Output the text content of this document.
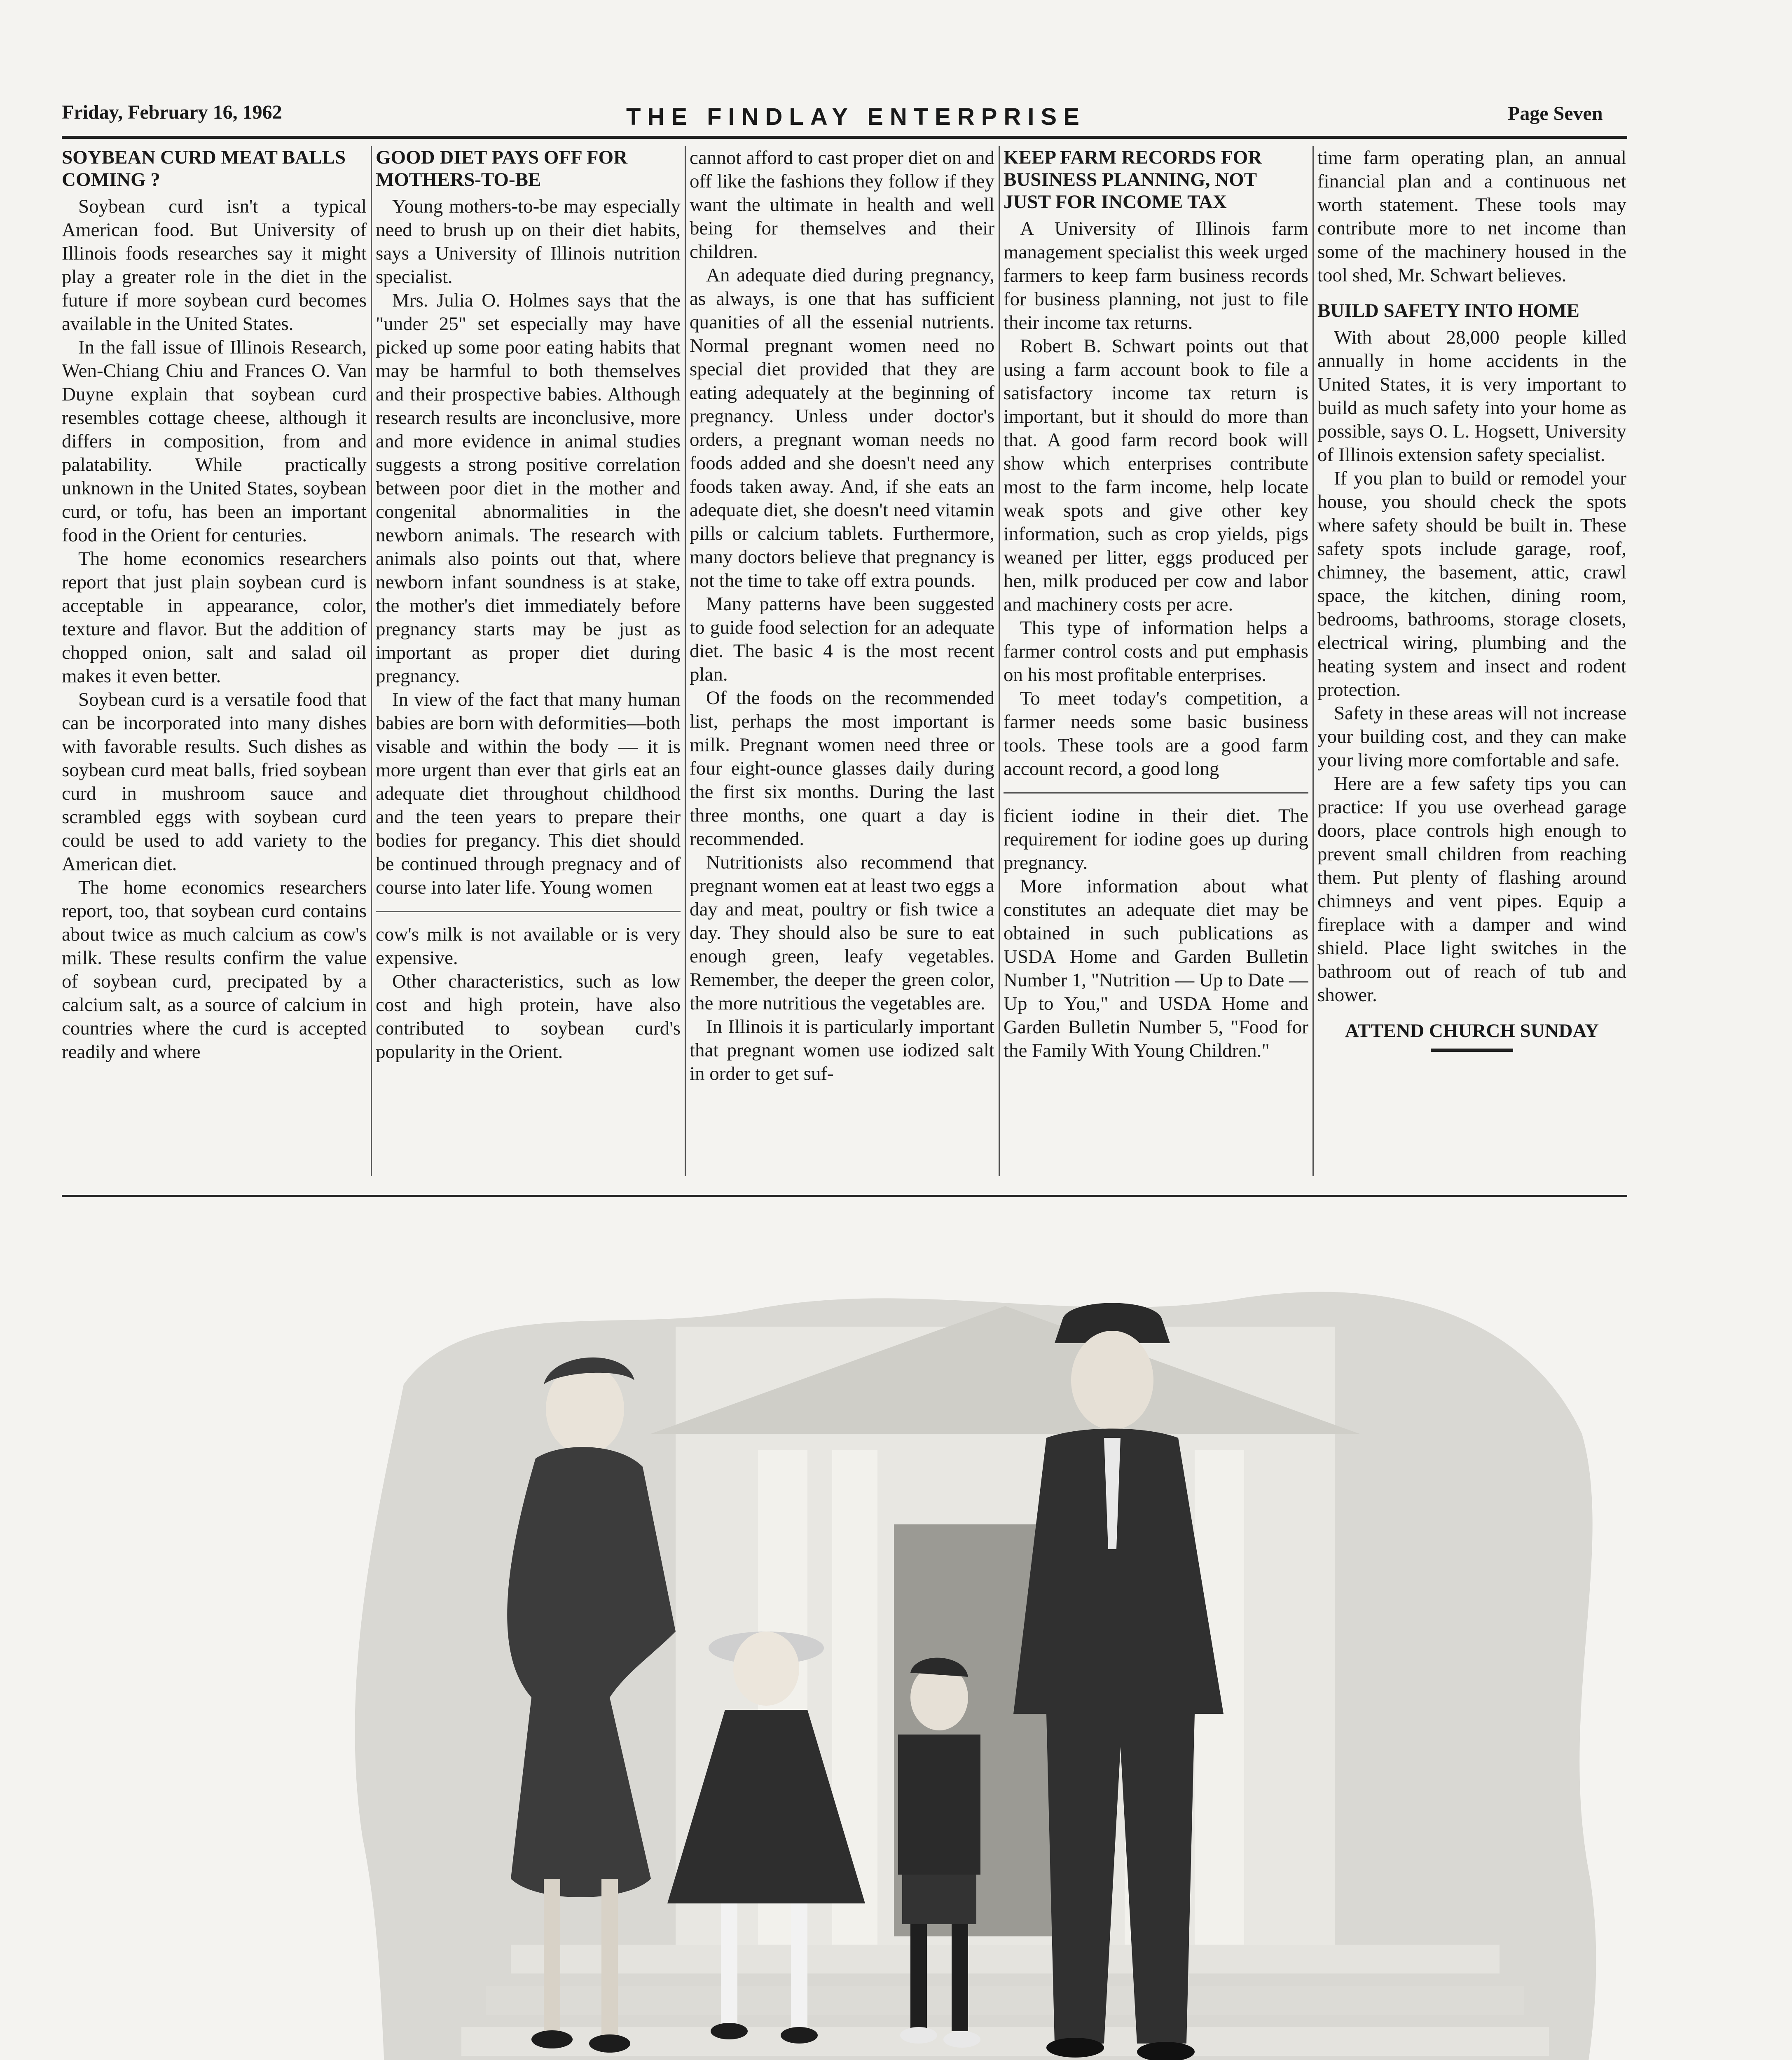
Friday, February 16, 1962	THE FINDLAY ENTERPRISE	Page Seven
SOYBEAN CURD MEAT BALLS COMING ?

Soybean curd isn't a typical American food. But University of Illinois foods researches say it might play a greater role in the diet in the future if more soybean curd becomes available in the United States.

In the fall issue of Illinois Research, Wen-Chiang Chiu and Frances O. Van Duyne explain that soybean curd resembles cottage cheese, although it differs in composition, from and palatability. While practically unknown in the United States, soybean curd, or tofu, has been an important food in the Orient for centuries.

The home economics researchers report that just plain soybean curd is acceptable in appearance, color, texture and flavor. But the addition of chopped onion, salt and salad oil makes it even better.

Soybean curd is a versatile food that can be incorporated into many dishes with favorable results. Such dishes as soybean curd meat balls, fried soybean curd in mushroom sauce and scrambled eggs with soybean curd could be used to add variety to the American diet.

The home economics researchers report, too, that soybean curd contains about twice as much calcium as cow's milk. These results confirm the value of soybean curd, precipated by a calcium salt, as a source of calcium in countries where the curd is accepted readily and where

GOOD DIET PAYS OFF FOR MOTHERS-TO-BE

Young mothers-to-be may especially need to brush up on their diet habits, says a University of Illinois nutrition specialist.

Mrs. Julia O. Holmes says that the "under 25" set especially may have picked up some poor eating habits that may be harmful to both themselves and their prospective babies. Although research results are inconclusive, more and more evidence in animal studies suggests a strong positive correlation between poor diet in the mother and congenital abnormalities in the newborn animals. The research with animals also points out that, where newborn infant soundness is at stake, the mother's diet immediately before pregnancy starts may be just as important as proper diet during pregnancy.

In view of the fact that many human babies are born with deformities—both visable and within the body — it is more urgent than ever that girls eat an adequate diet throughout childhood and the teen years to prepare their bodies for pregancy. This diet should be continued through pregnacy and of course into later life. Young women

cow's milk is not available or is very expensive.

Other characteristics, such as low cost and high protein, have also contributed to soybean curd's popularity in the Orient.

cannot afford to cast proper diet on and off like the fashions they follow if they want the ultimate in health and well being for themselves and their children.

An adequate died during pregnancy, as always, is one that has sufficient quanities of all the essenial nutrients. Normal pregnant women need no special diet provided that they are eating adequately at the beginning of pregnancy. Unless under doctor's orders, a pregnant woman needs no foods added and she doesn't need any foods taken away. And, if she eats an adequate diet, she doesn't need vitamin pills or calcium tablets. Furthermore, many doctors believe that pregnancy is not the time to take off extra pounds.

Many patterns have been suggested to guide food selection for an adequate diet. The basic 4 is the most recent plan.

Of the foods on the recommended list, perhaps the most important is milk. Pregnant women need three or four eight-ounce glasses daily during the first six months. During the last three months, one quart a day is recommended.

Nutritionists also recommend that pregnant women eat at least two eggs a day and meat, poultry or fish twice a day. They should also be sure to eat enough green, leafy vegetables. Remember, the deeper the green color, the more nutritious the vegetables are.

In Illinois it is particularly important that pregnant women use iodized salt in order to get suf-

KEEP FARM RECORDS FOR BUSINESS PLANNING, NOT JUST FOR INCOME TAX

A University of Illinois farm management specialist this week urged farmers to keep farm business records for business planning, not just to file their income tax returns.

Robert B. Schwart points out that using a farm account book to file a satisfactory income tax return is important, but it should do more than that. A good farm record book will show which enterprises contribute most to the farm income, help locate weak spots and give other key information, such as crop yields, pigs weaned per litter, eggs produced per hen, milk produced per cow and labor and machinery costs per acre.

This type of information helps a farmer control costs and put emphasis on his most profitable enterprises.

To meet today's competition, a farmer needs some basic business tools. These tools are a good farm account record, a good long

ficient iodine in their diet. The requirement for iodine goes up during pregnancy.

More information about what constitutes an adequate diet may be obtained in such publications as USDA Home and Garden Bulletin Number 1, "Nutrition — Up to Date — Up to You," and USDA Home and Garden Bulletin Number 5, "Food for the Family With Young Children."

time farm operating plan, an annual financial plan and a continuous net worth statement. These tools may contribute more to net income than some of the machinery housed in the tool shed, Mr. Schwart believes.

BUILD SAFETY INTO HOME

With about 28,000 people killed annually in home accidents in the United States, it is very important to build as much safety into your home as possible, says O. L. Hogsett, University of Illinois extension safety specialist.

If you plan to build or remodel your house, you should check the spots where safety should be built in. These safety spots include garage, roof, chimney, the basement, attic, crawl space, the kitchen, dining room, bedrooms, bathrooms, storage closets, electrical wiring, plumbing and the heating system and insect and rodent protection.

Safety in these areas will not increase your building cost, and they can make your living more comfortable and safe.

Here are a few safety tips you can practice: If you use overhead garage doors, place controls high enough to prevent small children from reaching them. Put plenty of flashing around chimneys and vent pipes. Equip a fireplace with a damper and wind shield. Place light switches in the bathroom out of reach of tub and shower.

ATTEND CHURCH SUNDAY
